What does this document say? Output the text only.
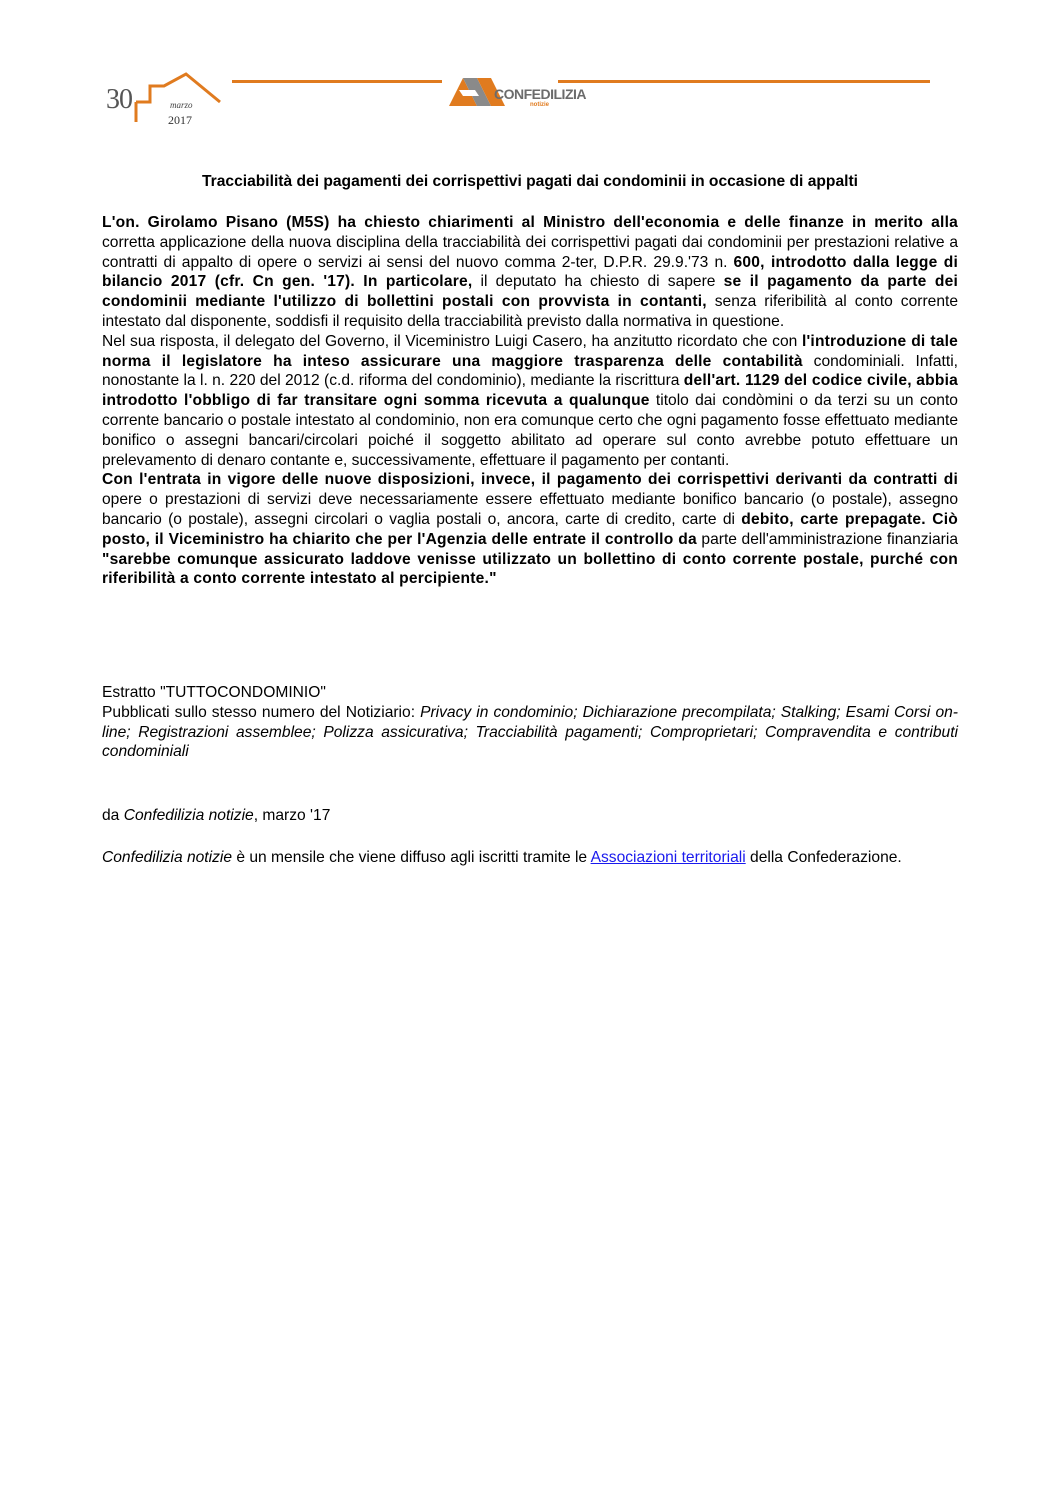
30	marzo
2017
CONFEDILIZIA
notizie
Tracciabilità dei pagamenti dei corrispettivi pagati dai condominii in occasione di appalti

L'on. Girolamo Pisano (M5S) ha chiesto chiarimenti al Ministro dell'economia e delle finanze in merito alla corretta applicazione della nuova disciplina della tracciabilità dei corrispettivi pagati dai condominii per prestazioni relative a contratti di appalto di opere o servizi ai sensi del nuovo comma 2-ter, D.P.R. 29.9.'73 n. 600, introdotto dalla legge di bilancio 2017 (cfr. Cn gen. '17). In particolare, il deputato ha chiesto di sapere se il pagamento da parte dei condominii mediante l'utilizzo di bollettini postali con provvista in contanti, senza riferibilità al conto corrente intestato dal disponente, soddisfi il requisito della tracciabilità previsto dalla normativa in questione.

Nel sua risposta, il delegato del Governo, il Viceministro Luigi Casero, ha anzitutto ricordato che con l'introduzione di tale norma il legislatore ha inteso assicurare una maggiore trasparenza delle contabilità condominiali. Infatti, nonostante la l. n. 220 del 2012 (c.d. riforma del condominio), mediante la riscrittura dell'art. 1129 del codice civile, abbia introdotto l'obbligo di far transitare ogni somma ricevuta a qualunque titolo dai condòmini o da terzi su un conto corrente bancario o postale intestato al condominio, non era comunque certo che ogni pagamento fosse effettuato mediante bonifico o assegni bancari/circolari poiché il soggetto abilitato ad operare sul conto avrebbe potuto effettuare un prelevamento di denaro contante e, successivamente, effettuare il pagamento per contanti.

Con l'entrata in vigore delle nuove disposizioni, invece, il pagamento dei corrispettivi derivanti da contratti di opere o prestazioni di servizi deve necessariamente essere effettuato mediante bonifico bancario (o postale), assegno bancario (o postale), assegni circolari o vaglia postali o, ancora, carte di credito, carte di debito, carte prepagate. Ciò posto, il Viceministro ha chiarito che per l'Agenzia delle entrate il controllo da parte dell'amministrazione finanziaria "sarebbe comunque assicurato laddove venisse utilizzato un bollettino di conto corrente postale, purché con riferibilità a conto corrente intestato al percipiente."

Estratto "TUTTOCONDOMINIO"

Pubblicati sullo stesso numero del Notiziario: Privacy in condominio; Dichiarazione precompilata; Stalking; Esami Corsi on-line; Registrazioni assemblee; Polizza assicurativa; Tracciabilità pagamenti; Comproprietari; Compravendita e contributi condominiali

da Confedilizia notizie, marzo '17
Confedilizia notizie è un mensile che viene diffuso agli iscritti tramite le Associazioni territoriali della Confederazione.
